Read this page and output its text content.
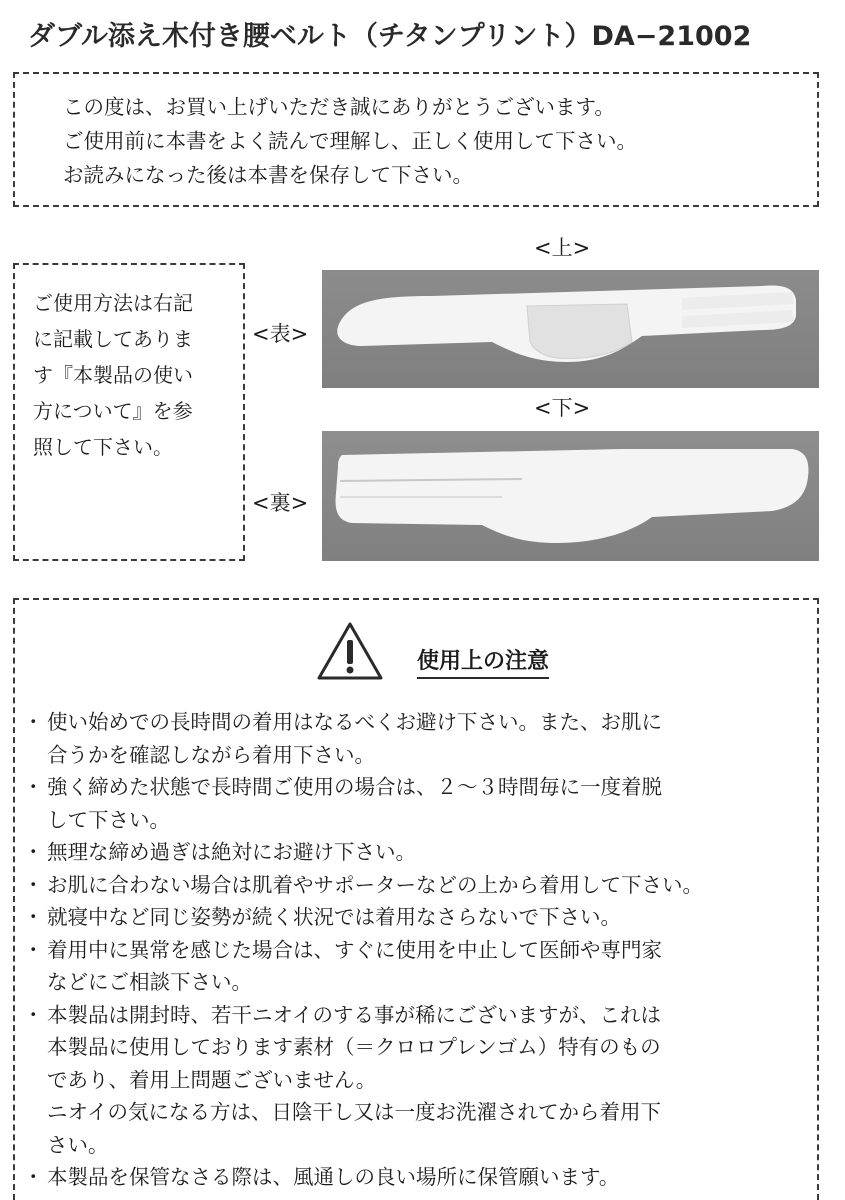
ダブル添え木付き腰ベルト（チタンプリント）DA−21002
この度は、お買い上げいただき誠にありがとうございます。
ご使用前に本書をよく読んで理解し、正しく使用して下さい。
お読みになった後は本書を保存して下さい。
ご使用方法は右記
に記載してありま
す『本製品の使い
方について』を参
照して下さい。
<上>
<表>
<下>
<裏>
使用上の注意
・ 使い始めでの長時間の着用はなるべくお避け下さい。また、お肌に
合うかを確認しながら着用下さい。
・ 強く締めた状態で長時間ご使用の場合は、２〜３時間毎に一度着脱
して下さい。
・ 無理な締め過ぎは絶対にお避け下さい。
・ お肌に合わない場合は肌着やサポーターなどの上から着用して下さい。
・ 就寝中など同じ姿勢が続く状況では着用なさらないで下さい。
・ 着用中に異常を感じた場合は、すぐに使用を中止して医師や専門家
などにご相談下さい。
・ 本製品は開封時、若干ニオイのする事が稀にございますが、これは
本製品に使用しております素材（＝クロロプレンゴム）特有のもの
であり、着用上問題ございません。
ニオイの気になる方は、日陰干し又は一度お洗濯されてから着用下
さい。
・ 本製品を保管なさる際は、風通しの良い場所に保管願います。
